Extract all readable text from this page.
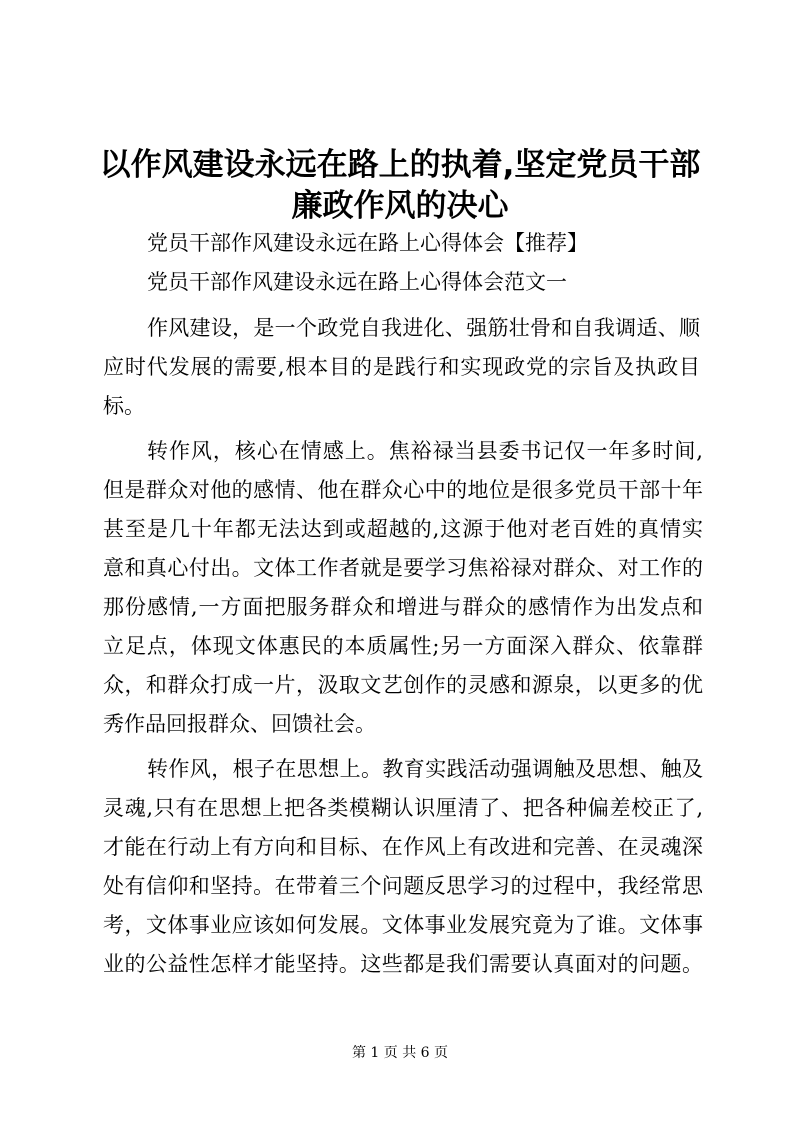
以作风建设永远在路上的执着,坚定党员干部
廉政作风的决心

党员干部作风建设永远在路上心得体会【推荐】

党员干部作风建设永远在路上心得体会范文一

作风建设，是一个政党自我进化、强筋壮骨和自我调适、顺

应时代发展的需要,根本目的是践行和实现政党的宗旨及执政目

标。

转作风，核心在情感上。焦裕禄当县委书记仅一年多时间,

但是群众对他的感情、他在群众心中的地位是很多党员干部十年

甚至是几十年都无法达到或超越的,这源于他对老百姓的真情实

意和真心付出。文体工作者就是要学习焦裕禄对群众、对工作的

那份感情,一方面把服务群众和增进与群众的感情作为出发点和

立足点，体现文体惠民的本质属性;另一方面深入群众、依靠群

众，和群众打成一片，汲取文艺创作的灵感和源泉，以更多的优

秀作品回报群众、回馈社会。

转作风，根子在思想上。教育实践活动强调触及思想、触及

灵魂,只有在思想上把各类模糊认识厘清了、把各种偏差校正了,

才能在行动上有方向和目标、在作风上有改进和完善、在灵魂深

处有信仰和坚持。在带着三个问题反思学习的过程中，我经常思

考，文体事业应该如何发展。文体事业发展究竟为了谁。文体事

业的公益性怎样才能坚持。这些都是我们需要认真面对的问题。

第 1 页 共 6 页
